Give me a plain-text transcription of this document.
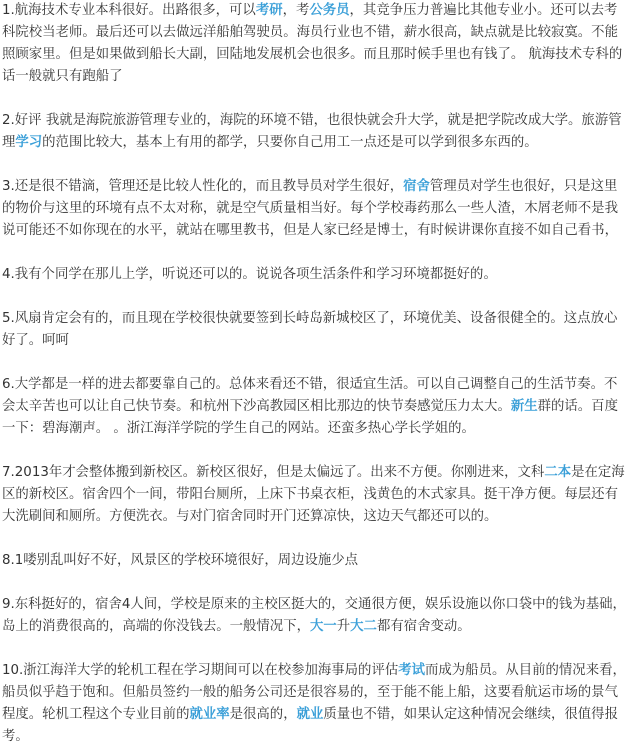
1.航海技术专业本科很好。出路很多，可以考研，考公务员，其竞争压力普遍比其他专业小。还可以去考科院校当老师。最后还可以去做远洋船舶驾驶员。海员行业也不错，薪水很高，缺点就是比较寂寞。不能照顾家里。但是如果做到船长大副，回陆地发展机会也很多。而且那时候手里也有钱了。 航海技术专科的话一般就只有跑船了

2.好评 我就是海院旅游管理专业的，海院的环境不错，也很快就会升大学，就是把学院改成大学。旅游管理学习的范围比较大，基本上有用的都学，只要你自己用工一点还是可以学到很多东西的。

3.还是很不错滴，管理还是比较人性化的，而且教导员对学生很好，宿舍管理员对学生也很好，只是这里的物价与这里的环境有点不太对称，就是空气质量相当好。每个学校毒药那么一些人渣，木屑老师不是我说可能还不如你现在的水平，就站在哪里教书，但是人家已经是博士，有时候讲课你直接不如自己看书，

4.我有个同学在那儿上学，听说还可以的。说说各项生活条件和学习环境都挺好的。

5.风扇肯定会有的，而且现在学校很快就要签到长峙岛新城校区了，环境优美、设备很健全的。这点放心好了。呵呵

6.大学都是一样的进去都要靠自己的。总体来看还不错，很适宜生活。可以自己调整自己的生活节奏。不会太辛苦也可以让自己快节奏。和杭州下沙高教园区相比那边的快节奏感觉压力太大。新生群的话。百度一下：碧海潮声。 。浙江海洋学院的学生自己的网站。还蛮多热心学长学姐的。

7.2013年才会整体搬到新校区。新校区很好，但是太偏远了。出来不方便。你刚进来，文科二本是在定海区的新校区。宿舍四个一间，带阳台厕所，上床下书桌衣柜，浅黄色的木式家具。挺干净方便。每层还有大洗刷间和厕所。方便洗衣。与对门宿舍同时开门还算凉快，这边天气都还可以的。

8.1喽别乱叫好不好，风景区的学校环境很好，周边设施少点

9.东科挺好的，宿舍4人间，学校是原来的主校区挺大的，交通很方便，娱乐设施以你口袋中的钱为基础，岛上的消费很高的，高端的你没钱去。一般情况下，大一升大二都有宿舍变动。

10.浙江海洋大学的轮机工程在学习期间可以在校参加海事局的评估考试而成为船员。从目前的情况来看，船员似乎趋于饱和。但船员签约一般的船务公司还是很容易的，至于能不能上船，这要看航运市场的景气程度。轮机工程这个专业目前的就业率是很高的，就业质量也不错，如果认定这种情况会继续，很值得报考。
